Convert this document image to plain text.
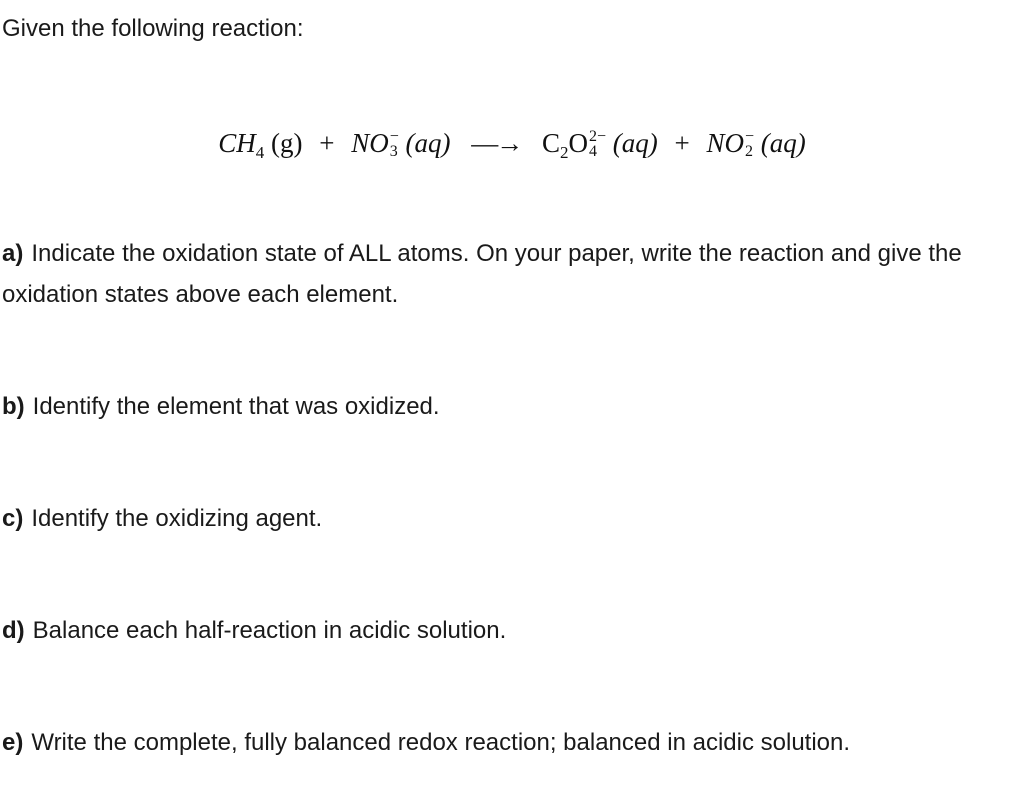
Given the following reaction:

$CH_4$ (g) + NO −
3 (aq) —→ $C_2O$ 2−
4 (aq) + NO −
2 (aq)

a) Indicate the oxidation state of ALL atoms. On your paper, write the reaction and give the oxidation states above each element.

b) Identify the element that was oxidized.

c) Identify the oxidizing agent.

d) Balance each half-reaction in acidic solution.

e) Write the complete, fully balanced redox reaction; balanced in acidic solution.
